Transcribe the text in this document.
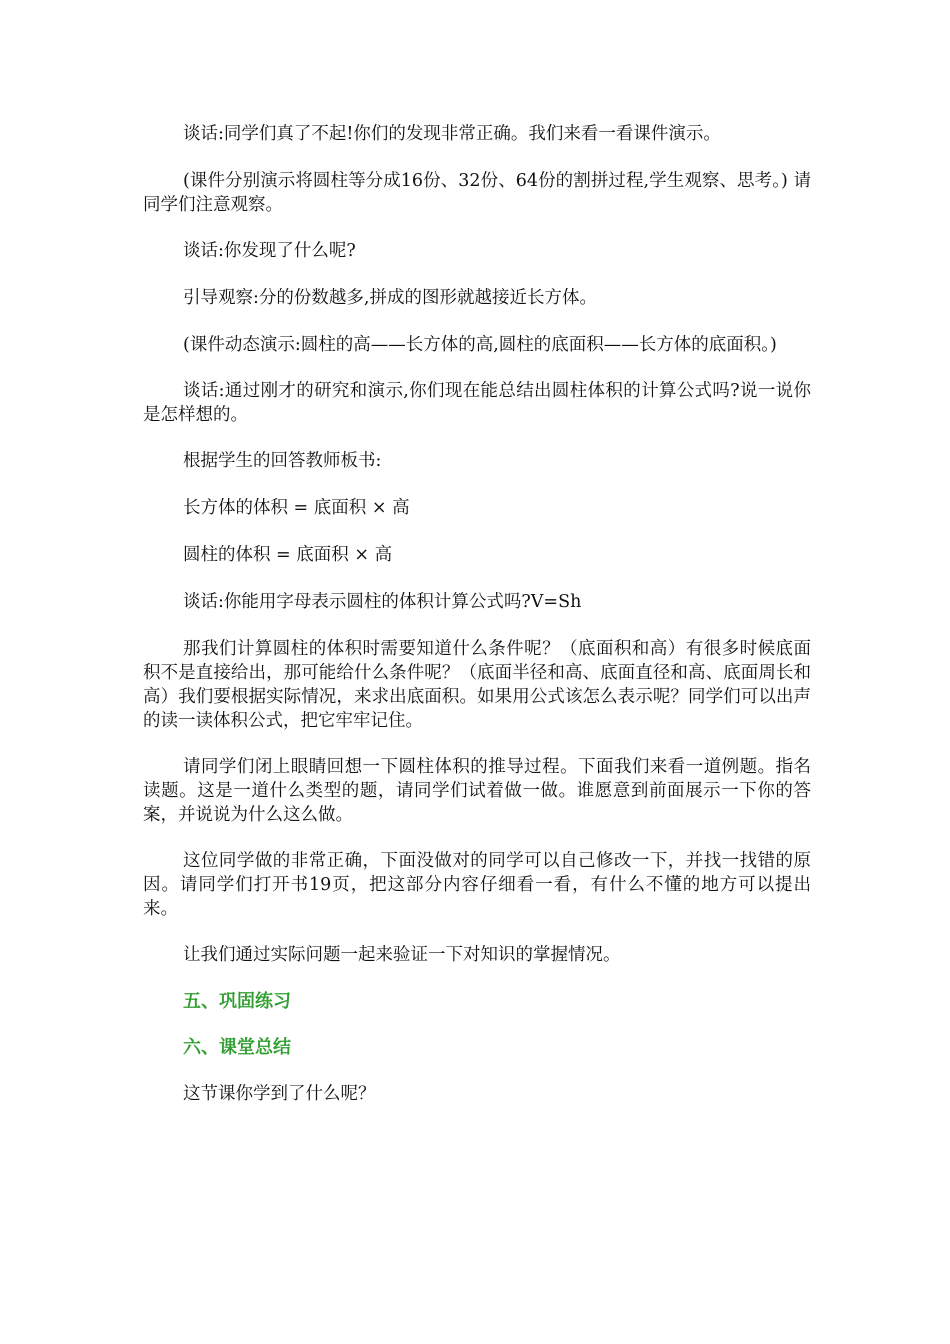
谈话:同学们真了不起!你们的发现非常正确。我们来看一看课件演示。

(课件分别演示将圆柱等分成16份、32份、64份的割拼过程,学生观察、思考。) 请  同学们注意观察。

谈话:你发现了什么呢?

引导观察:分的份数越多,拼成的图形就越接近长方体。

(课件动态演示:圆柱的高——长方体的高,圆柱的底面积——长方体的底面积。)

谈话:通过刚才的研究和演示,你们现在能总结出圆柱体积的计算公式吗?说一说你是怎样想的。

根据学生的回答教师板书:

长方体的体积 = 底面积 × 高

圆柱的体积 = 底面积 × 高

谈话:你能用字母表示圆柱的体积计算公式吗?V=Sh

那我们计算圆柱的体积时需要知道什么条件呢？（底面积和高）有很多时候底面积不是直接给出，那可能给什么条件呢？（底面半径和高、底面直径和高、底面周长和高）我们要根据实际情况，来求出底面积。如果用公式该怎么表示呢？同学们可以出声的读一读体积公式，把它牢牢记住。

请同学们闭上眼睛回想一下圆柱体积的推导过程。下面我们来看一道例题。指名读题。这是一道什么类型的题，请同学们试着做一做。谁愿意到前面展示一下你的答案，并说说为什么这么做。

这位同学做的非常正确，下面没做对的同学可以自己修改一下，并找一找错的原因。请同学们打开书19页，把这部分内容仔细看一看，有什么不懂的地方可以提出来。

让我们通过实际问题一起来验证一下对知识的掌握情况。

五、巩固练习

六、课堂总结

这节课你学到了什么呢？
